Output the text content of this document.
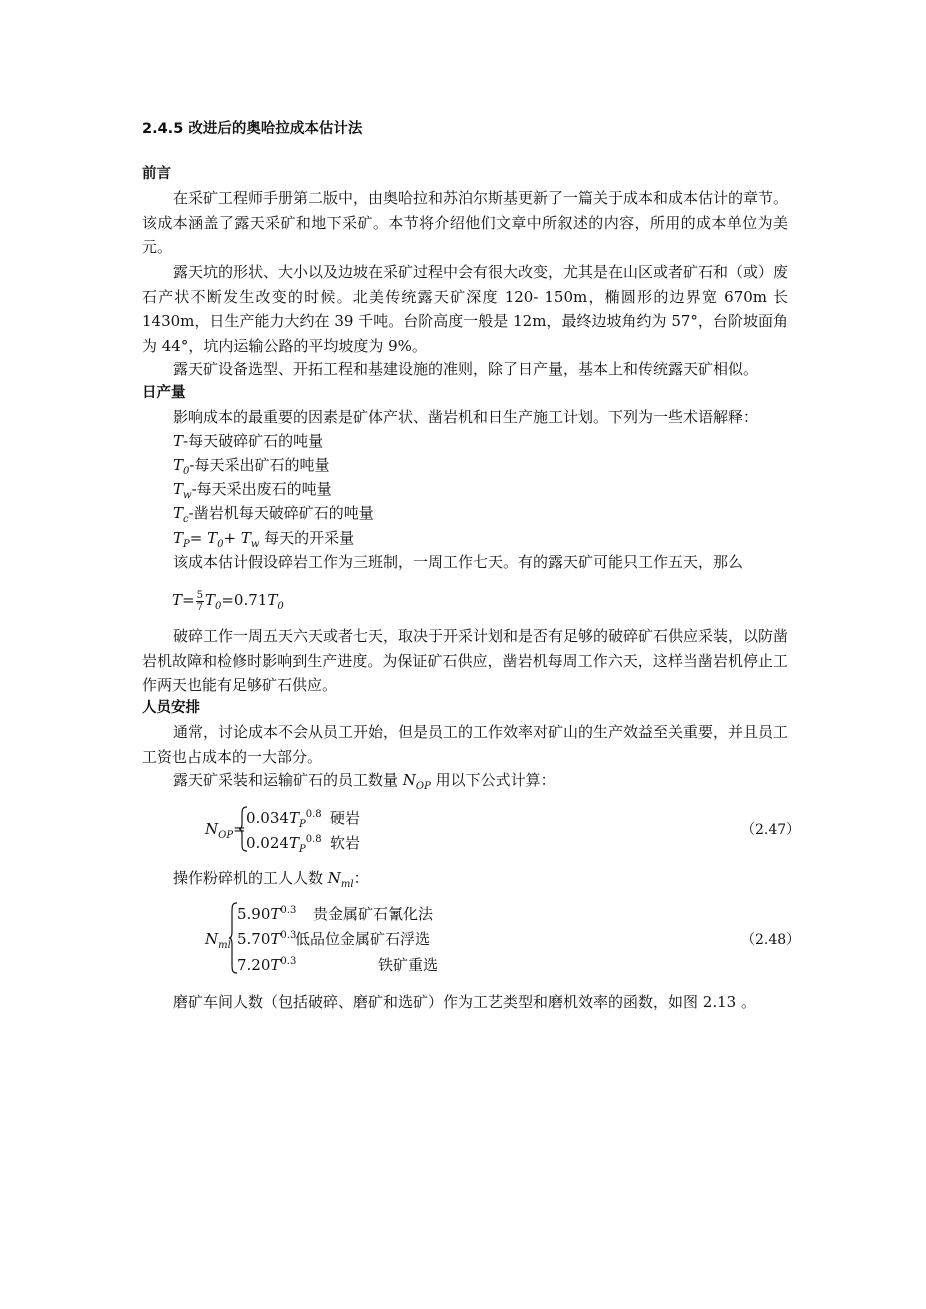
2.4.5 改进后的奥哈拉成本估计法
前言
在采矿工程师手册第二版中，由奥哈拉和苏泊尔斯基更新了一篇关于成本和成本估计的章节。该成本涵盖了露天采矿和地下采矿。本节将介绍他们文章中所叙述的内容，所用的成本单位为美元。
露天坑的形状、大小以及边坡在采矿过程中会有很大改变，尤其是在山区或者矿石和（或）废石产状不断发生改变的时候。北美传统露天矿深度 120- 150m，椭圆形的边界宽 670m 长 1430m，日生产能力大约在 39 千吨。台阶高度一般是 12m，最终边坡角约为 57°，台阶坡面角为 44°，坑内运输公路的平均坡度为 9%。
露天矿设备选型、开拓工程和基建设施的准则，除了日产量，基本上和传统露天矿相似。
日产量
影响成本的最重要的因素是矿体产状、凿岩机和日生产施工计划。下列为一些术语解释：
T-每天破碎矿石的吨量
$T_0-$每天采出矿石的吨量
$T_w-$每天采出废石的吨量
$T_c-$凿岩机每天破碎矿石的吨量
$T_P= T_0+ T_w$ 每天的开采量
该成本估计假设碎岩工作为三班制，一周工作七天。有的露天矿可能只工作五天，那么
$T= \frac{5}{7} T_0=0.71T_0$
破碎工作一周五天六天或者七天，取决于开采计划和是否有足够的破碎矿石供应采装，以防凿岩机故障和检修时影响到生产进度。为保证矿石供应，凿岩机每周工作六天，这样当凿岩机停止工作两天也能有足够矿石供应。
人员安排
通常，讨论成本不会从员工开始，但是员工的工作效率对矿山的生产效益至关重要，并且员工工资也占成本的一大部分。
露天矿采装和运输矿石的员工数量 $N_{OP}$ 用以下公式计算：
$N_{OP}=$
$0.034T_P^{0.8}$ 硬岩
$0.024T_P^{0.8}$ 软岩
（2.47）
操作粉碎机的工人人数 $N_{ml}$：
$N_{ml}$
$5.90T^{0.3}$ 贵金属矿石氰化法
$5.70T^{0.3}$
低品位金属矿石浮选
$7.20T^{0.3}$	铁矿重选
（2.48）
磨矿车间人数（包括破碎、磨矿和选矿）作为工艺类型和磨机效率的函数，如图 2.13 。
